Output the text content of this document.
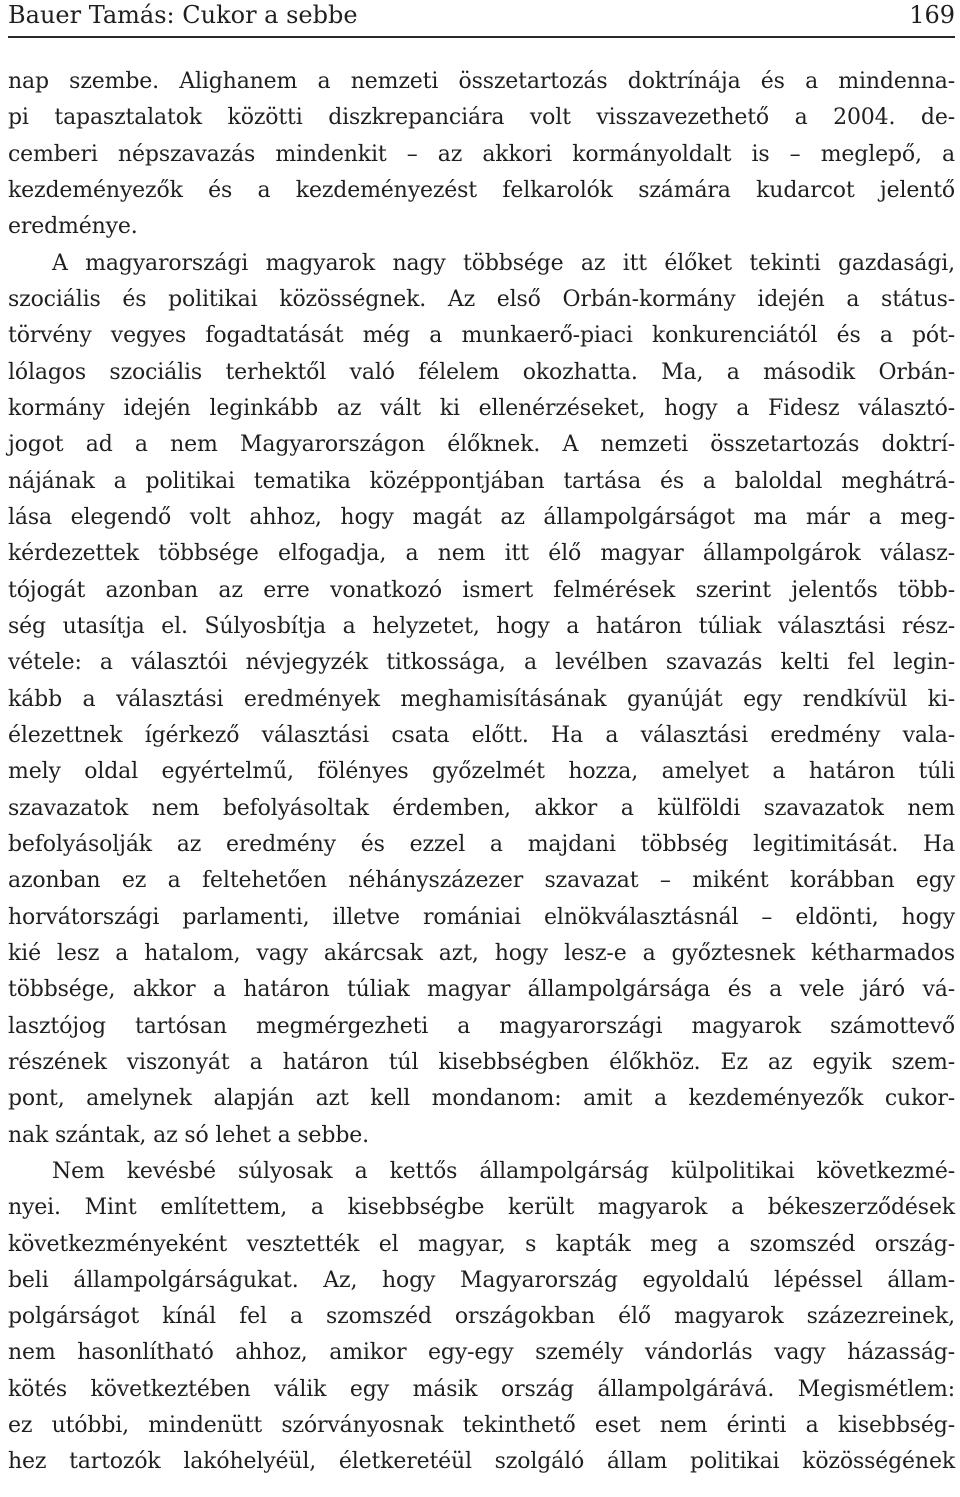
Bauer Tamás: Cukor a sebbe	169
nap szembe. Alighanem a nemzeti összetartozás doktrínája és a mindenna-
pi tapasztalatok közötti diszkrepanciára volt visszavezethető a 2004. de-
cemberi népszavazás mindenkit – az akkori kormányoldalt is – meglepő, a
kezdeményezők és a kezdeményezést felkarolók számára kudarcot jelentő
eredménye.
A magyarországi magyarok nagy többsége az itt élőket tekinti gazdasági,
szociális és politikai közösségnek. Az első Orbán-kormány idején a státus-
törvény vegyes fogadtatását még a munkaerő-piaci konkurenciától és a pót-
lólagos szociális terhektől való félelem okozhatta. Ma, a második Orbán-
kormány idején leginkább az vált ki ellenérzéseket, hogy a Fidesz választó-
jogot ad a nem Magyarországon élőknek. A nemzeti összetartozás doktrí-
nájának a politikai tematika középpontjában tartása és a baloldal meghátrá-
lása elegendő volt ahhoz, hogy magát az állampolgárságot ma már a meg-
kérdezettek többsége elfogadja, a nem itt élő magyar állampolgárok válasz-
tójogát azonban az erre vonatkozó ismert felmérések szerint jelentős több-
ség utasítja el. Súlyosbítja a helyzetet, hogy a határon túliak választási rész-
vétele: a választói névjegyzék titkossága, a levélben szavazás kelti fel legin-
kább a választási eredmények meghamisításának gyanúját egy rendkívül ki-
élezettnek ígérkező választási csata előtt. Ha a választási eredmény vala-
mely oldal egyértelmű, fölényes győzelmét hozza, amelyet a határon túli
szavazatok nem befolyásoltak érdemben, akkor a külföldi szavazatok nem
befolyásolják az eredmény és ezzel a majdani többség legitimitását. Ha
azonban ez a feltehetően néhányszázezer szavazat – miként korábban egy
horvátországi parlamenti, illetve romániai elnökválasztásnál – eldönti, hogy
kié lesz a hatalom, vagy akárcsak azt, hogy lesz-e a győztesnek kétharmados
többsége, akkor a határon túliak magyar állampolgársága és a vele járó vá-
lasztójog tartósan megmérgezheti a magyarországi magyarok számottevő
részének viszonyát a határon túl kisebbségben élőkhöz. Ez az egyik szem-
pont, amelynek alapján azt kell mondanom: amit a kezdeményezők cukor-
nak szántak, az só lehet a sebbe.
Nem kevésbé súlyosak a kettős állampolgárság külpolitikai következmé-
nyei. Mint említettem, a kisebbségbe került magyarok a békeszerződések
következményeként vesztették el magyar, s kapták meg a szomszéd ország-
beli állampolgárságukat. Az, hogy Magyarország egyoldalú lépéssel állam-
polgárságot kínál fel a szomszéd országokban élő magyarok százezreinek,
nem hasonlítható ahhoz, amikor egy-egy személy vándorlás vagy házasság-
kötés következtében válik egy másik ország állampolgárává. Megismétlem:
ez utóbbi, mindenütt szórványosnak tekinthető eset nem érinti a kisebbség-
hez tartozók lakóhelyéül, életkeretéül szolgáló állam politikai közösségének
